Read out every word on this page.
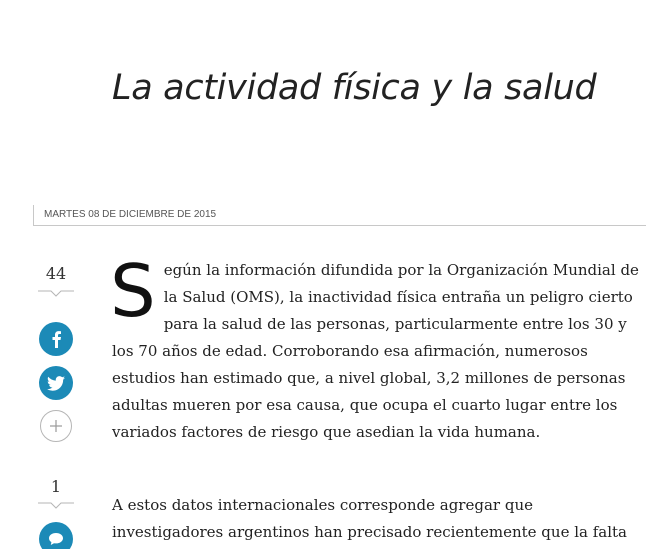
La actividad física y la salud
MARTES 08 DE DICIEMBRE DE 2015
44
1

Según la información difundida por la Organización Mundial de la Salud (OMS), la inactividad física entraña un peligro cierto para la salud de las personas, particularmente entre los 30 y los 70 años de edad. Corroborando esa afirmación, numerosos estudios han estimado que, a nivel global, 3,2 millones de personas adultas mueren por esa causa, que ocupa el cuarto lugar entre los variados factores de riesgo que asedian la vida humana.

A estos datos internacionales corresponde agregar que investigadores argentinos han precisado recientemente que la falta
